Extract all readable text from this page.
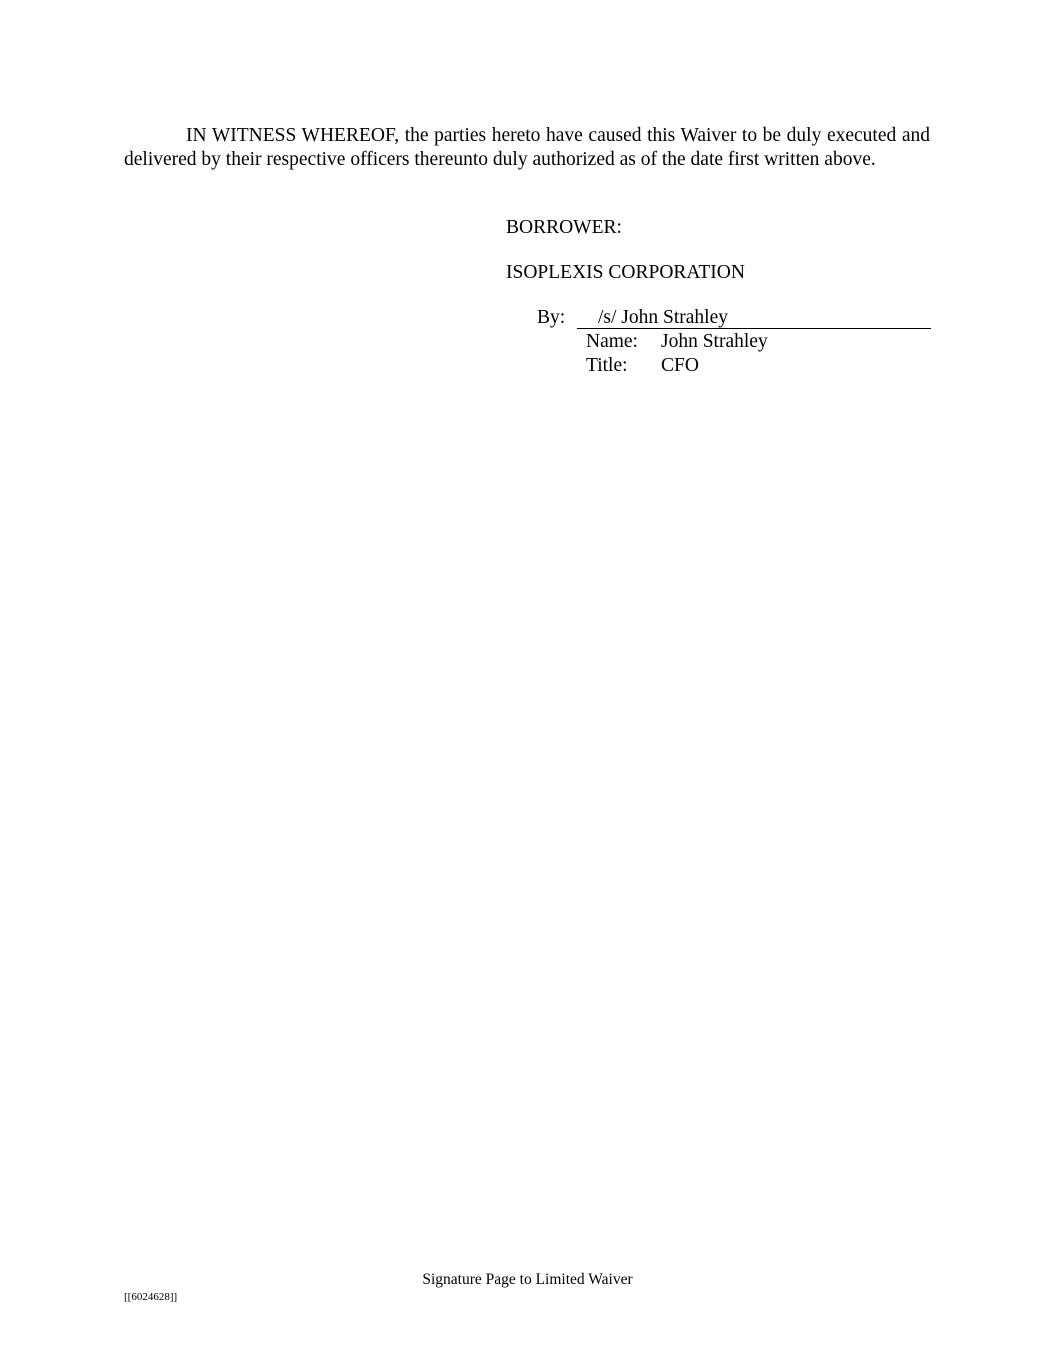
IN WITNESS WHEREOF, the parties hereto have caused this Waiver to be duly executed and delivered by their respective officers thereunto duly authorized as of the date first written above.

BORROWER:
ISOPLEXIS CORPORATION
By: /s/ John Strahley
Name: John Strahley
Title: CFO
Signature Page to Limited Waiver
[[6024628]]
